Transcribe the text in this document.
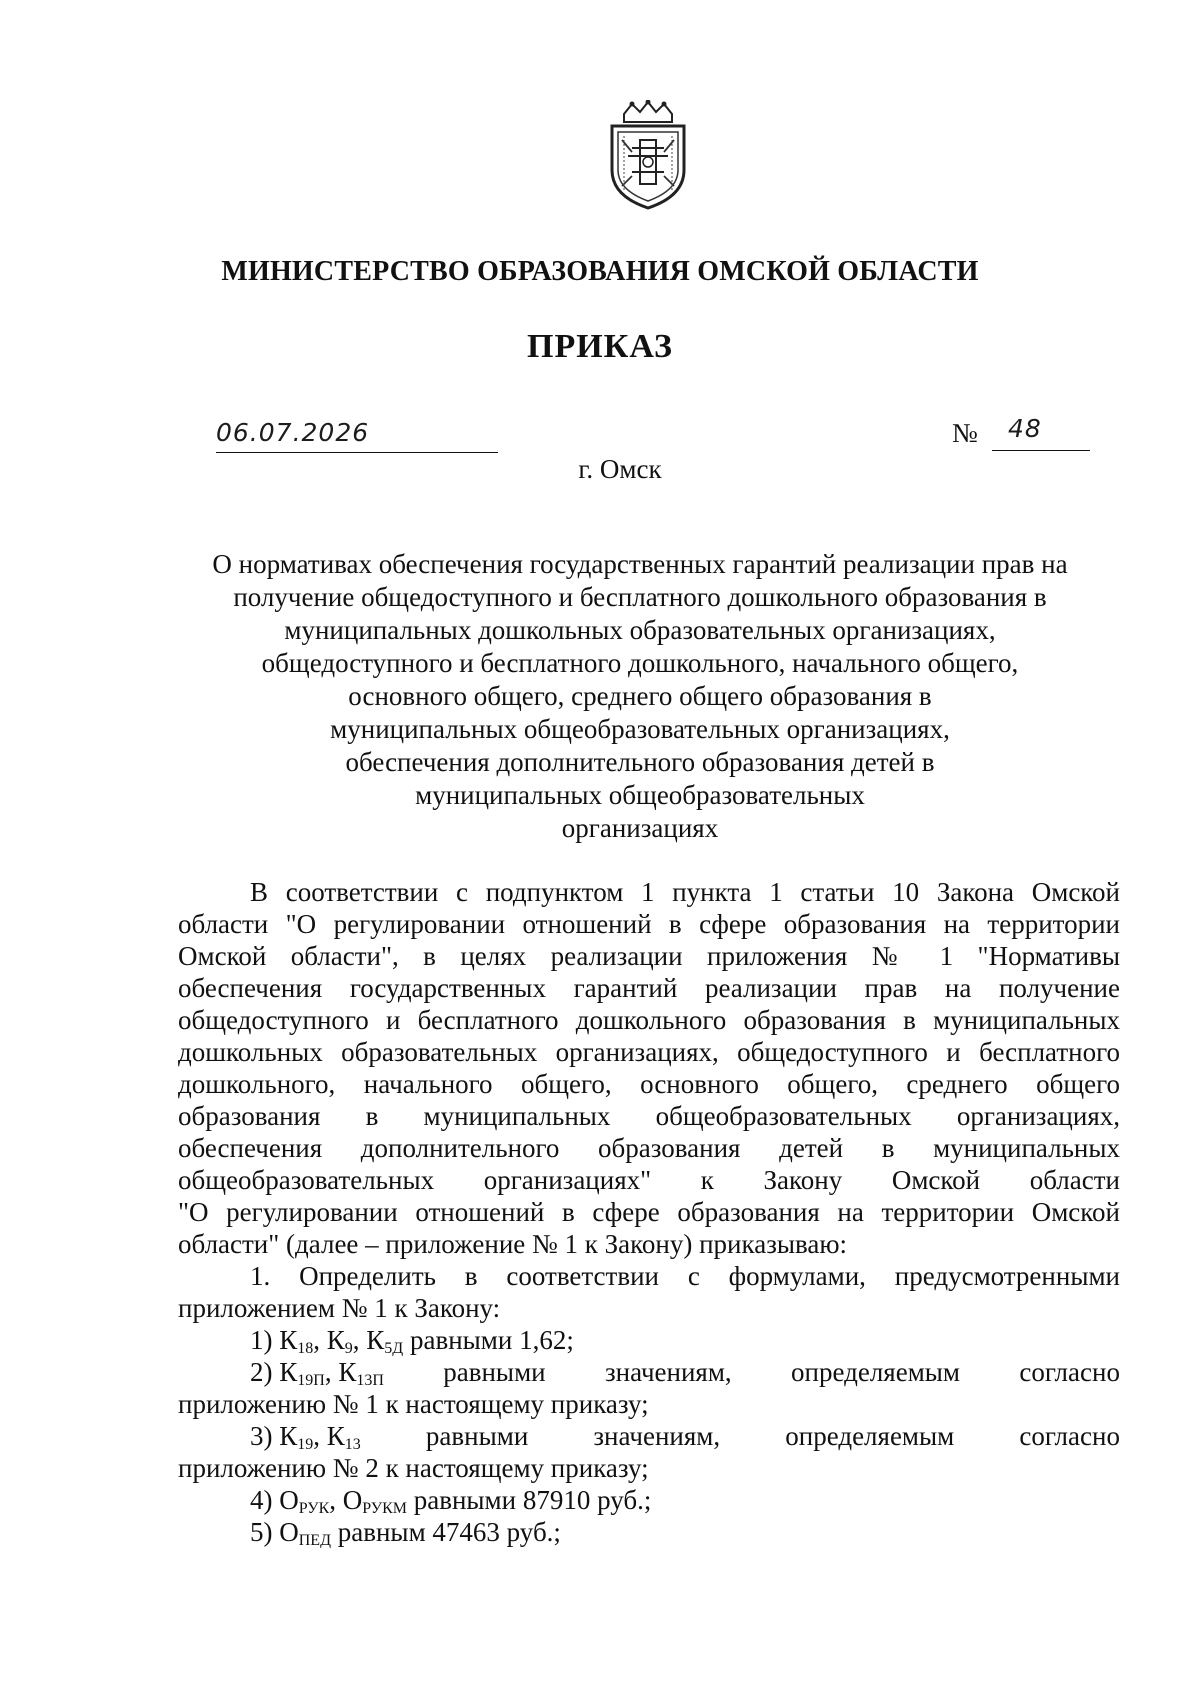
МИНИСТЕРСТВО ОБРАЗОВАНИЯ ОМСКОЙ ОБЛАСТИ
ПРИКАЗ
06.07.2026	№ 48
г. Омск
О нормативах обеспечения государственных гарантий реализации прав на
получение общедоступного и бесплатного дошкольного образования в
муниципальных дошкольных образовательных организациях,
общедоступного и бесплатного дошкольного, начального общего,
основного общего, среднего общего образования в
муниципальных общеобразовательных организациях,
обеспечения дополнительного образования детей в
муниципальных общеобразовательных
организациях
В соответствии с подпунктом 1 пункта 1 статьи 10 Закона Омской
области "О регулировании отношений в сфере образования на территории
Омской области", в целях реализации приложения № 1 "Нормативы
обеспечения государственных гарантий реализации прав на получение
общедоступного и бесплатного дошкольного образования в муниципальных
дошкольных образовательных организациях, общедоступного и бесплатного
дошкольного, начального общего, основного общего, среднего общего
образования в муниципальных общеобразовательных организациях,
обеспечения дополнительного образования детей в муниципальных
общеобразовательных организациях" к Закону Омской области
"О регулировании отношений в сфере образования на территории Омской
области" (далее – приложение № 1 к Закону) приказываю:
1. Определить в соответствии с формулами, предусмотренными
приложением № 1 к Закону:
1) $К_{18}$, $К_9$, $К_{5Д}$ равными 1,62;
2) $К_{19П}$, $К_{13П}$ равными значениям, определяемым согласно
приложению № 1 к настоящему приказу;
3) $К_{19}$, $К_{13}$ равными значениям, определяемым согласно
приложению № 2 к настоящему приказу;
4) $О_{РУК}$, $О_{РУКМ}$ равными 87910 руб.;
5) $О_{ПЕД}$ равным 47463 руб.;
